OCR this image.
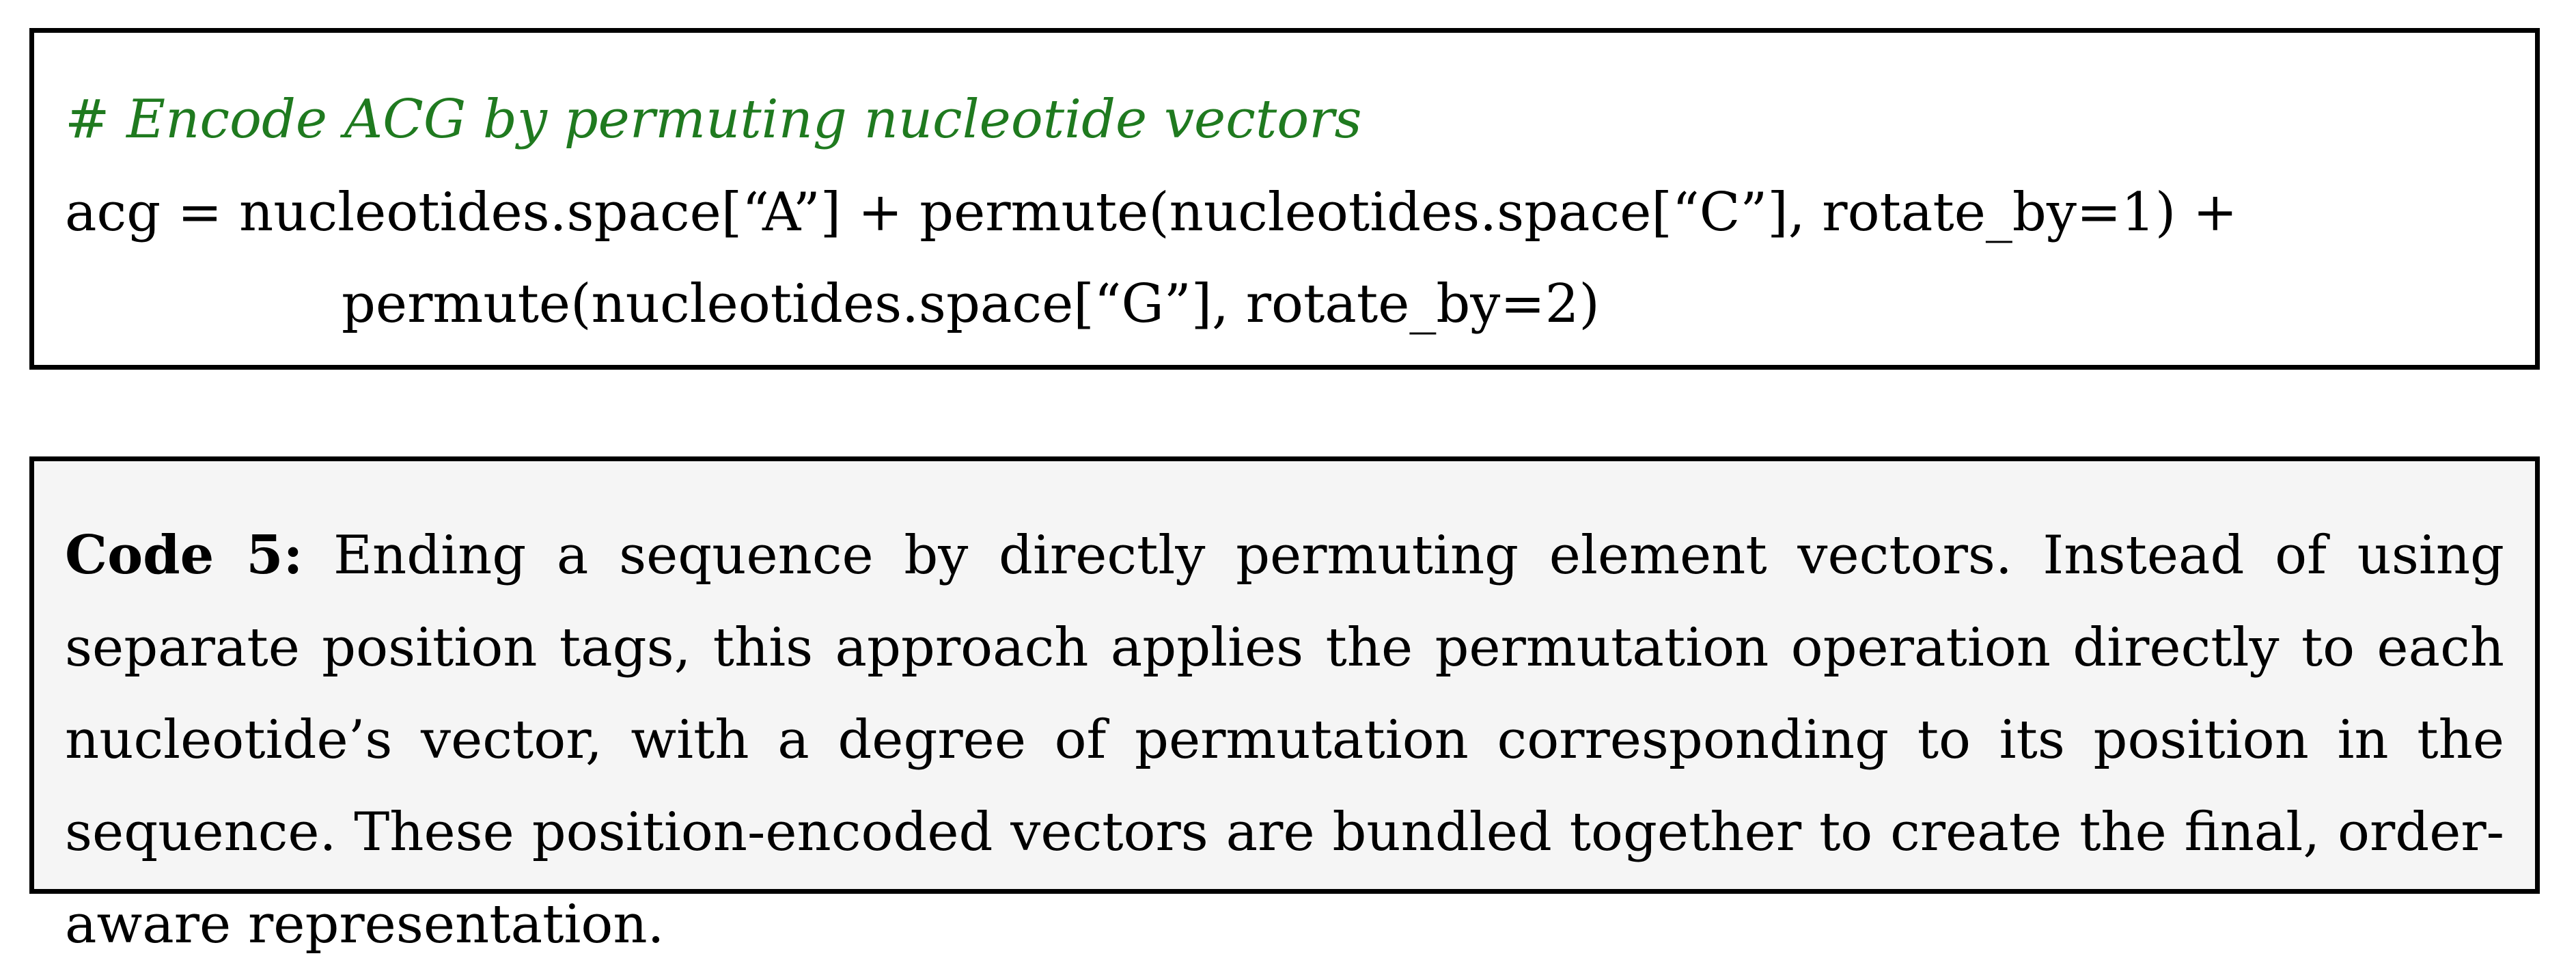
# Encode ACG by permuting nucleotide vectors
acg = nucleotides.space[“A”] + permute(nucleotides.space[“C”], rotate_by=1) +
permute(nucleotides.space[“G”], rotate_by=2)
Code 5: Ending a sequence by directly permuting element vectors. Instead of using separate position tags, this approach applies the permutation operation directly to each nucleotide’s vector, with a degree of permutation corresponding to its position in the sequence. These position-encoded vectors are bundled together to create the final, order-aware representation.
